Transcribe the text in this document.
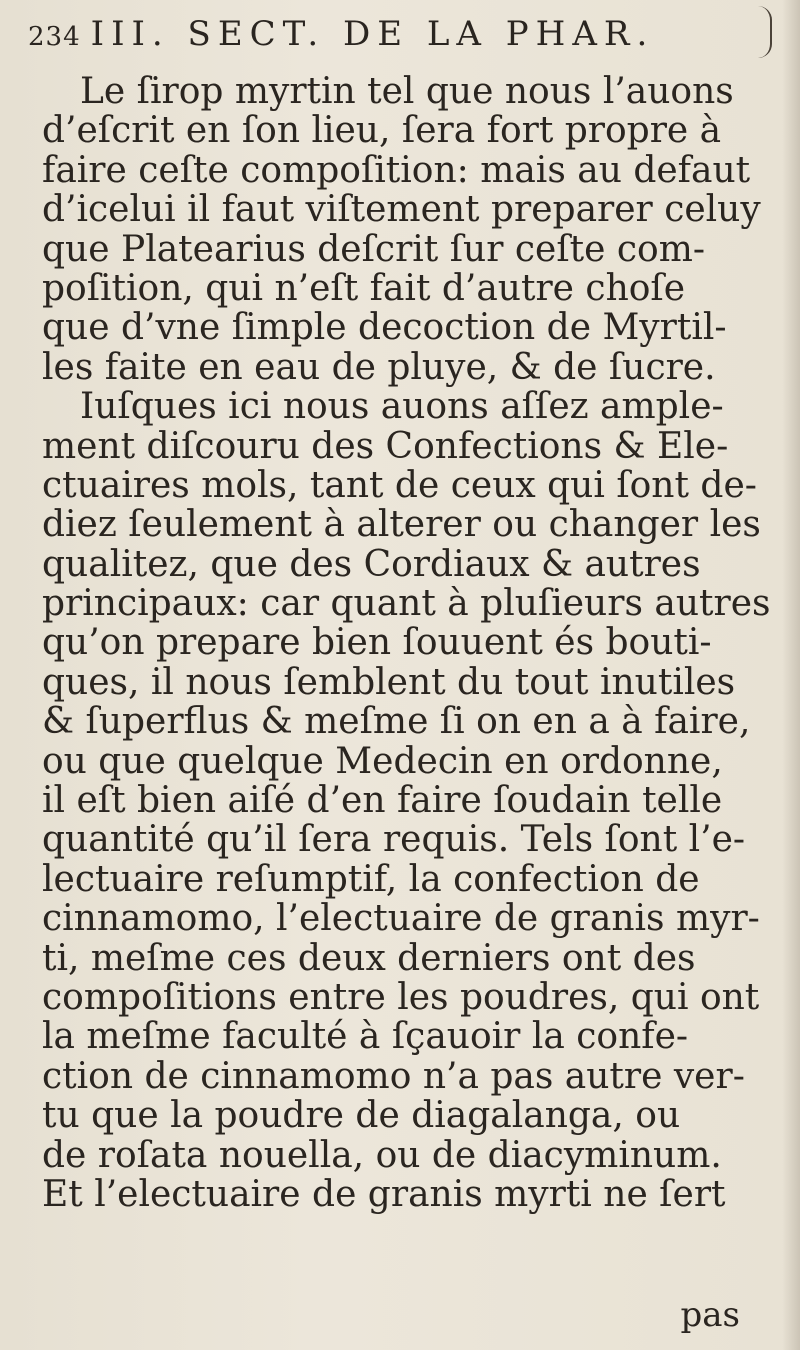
234 III. SECT. DE LA PHAR.
Le ſirop myrtin tel que nous l’auons
d’eſcrit en ſon lieu, ſera fort propre à
faire ceſte compoſition: mais au defaut
d’icelui il faut viſtement preparer celuy
que Platearius deſcrit ſur ceſte com-
poſition, qui n’eſt fait d’autre choſe
que d’vne ſimple decoction de Myrtil-
les faite en eau de pluye, & de ſucre.
Iuſques ici nous auons aſſez ample-
ment diſcouru des Confections & Ele-
ctuaires mols, tant de ceux qui ſont de-
diez ſeulement à alterer ou changer les
qualitez, que des Cordiaux & autres
principaux: car quant à pluſieurs autres
qu’on prepare bien ſouuent és bouti-
ques, il nous ſemblent du tout inutiles
& ſuperflus & meſme ſi on en a à faire,
ou que quelque Medecin en ordonne,
il eſt bien aiſé d’en faire ſoudain telle
quantité qu’il ſera requis. Tels ſont l’e-
lectuaire reſumptif, la confection de
cinnamomo, l’electuaire de granis myr-
ti, meſme ces deux derniers ont des
compoſitions entre les poudres, qui ont
la meſme faculté à ſçauoir la confe-
ction de cinnamomo n’a pas autre ver-
tu que la poudre de diagalanga, ou
de roſata nouella, ou de diacyminum.
Et l’electuaire de granis myrti ne ſert
pas
